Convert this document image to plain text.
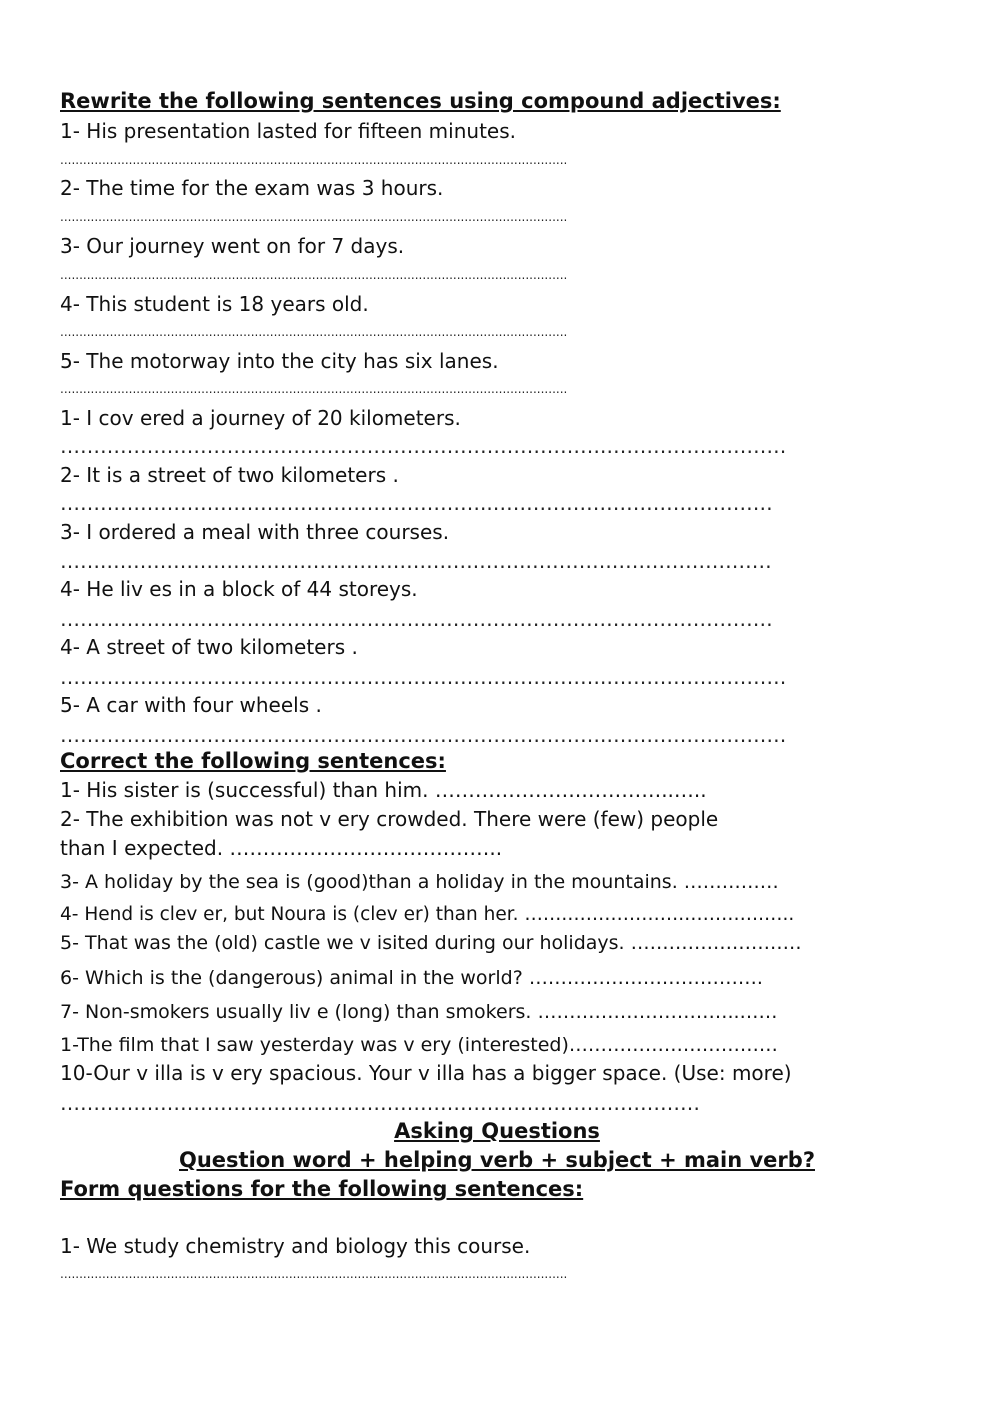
Rewrite the following sentences using compound adjectives:
1- His presentation lasted for fifteen minutes.
.....................................................................................................................................
2- The time for the exam was 3 hours.
.....................................................................................................................................
3- Our journey went on for 7 days.
.....................................................................................................................................
4- This student is 18 years old.
.....................................................................................................................................
5- The motorway into the city has six lanes.
.....................................................................................................................................
1- I cov ered a journey of 20 kilometers.
……………………………………………………………………….………………………
2- It is a street of two kilometers .
………………………………………………………..……………………………………
3- I ordered a meal with three courses.
…….……………………….……………………….…….………….……………………
4- He liv es in a block of 44 storeys.
………………………………………………..……………………………………………
4- A street of two kilometers .
……………………………………………………………………….………………………
5- A car with four wheels .
……………………………………………………………………….………………………
Correct the following sentences:
1- His sister is (successful) than him. ………………….…………..…..
2- The exhibition was not v ery crowded. There were (few) people
than I expected. …………………………………..
3- A holiday by the sea is (good)than a holiday in the mountains. ……………
4- Hend is clev er, but Noura is (clev er) than her. …….……………….………….…..
5- That was the (old) castle we v isited during our holidays. ………………………
6- Which is the (dangerous) animal in the world? ……………………………….
7- Non-smokers usually liv e (long) than smokers. …………………………..……
1-The film that I saw yesterday was v ery (interested)……………………………
10-Our v illa is v ery spacious. Your v illa has a bigger space. (Use: more)
……………………………………………………………………………………
Asking Questions
Question word + helping verb + subject + main verb?
Form questions for the following sentences:
1- We study chemistry and biology this course.
.....................................................................................................................................
